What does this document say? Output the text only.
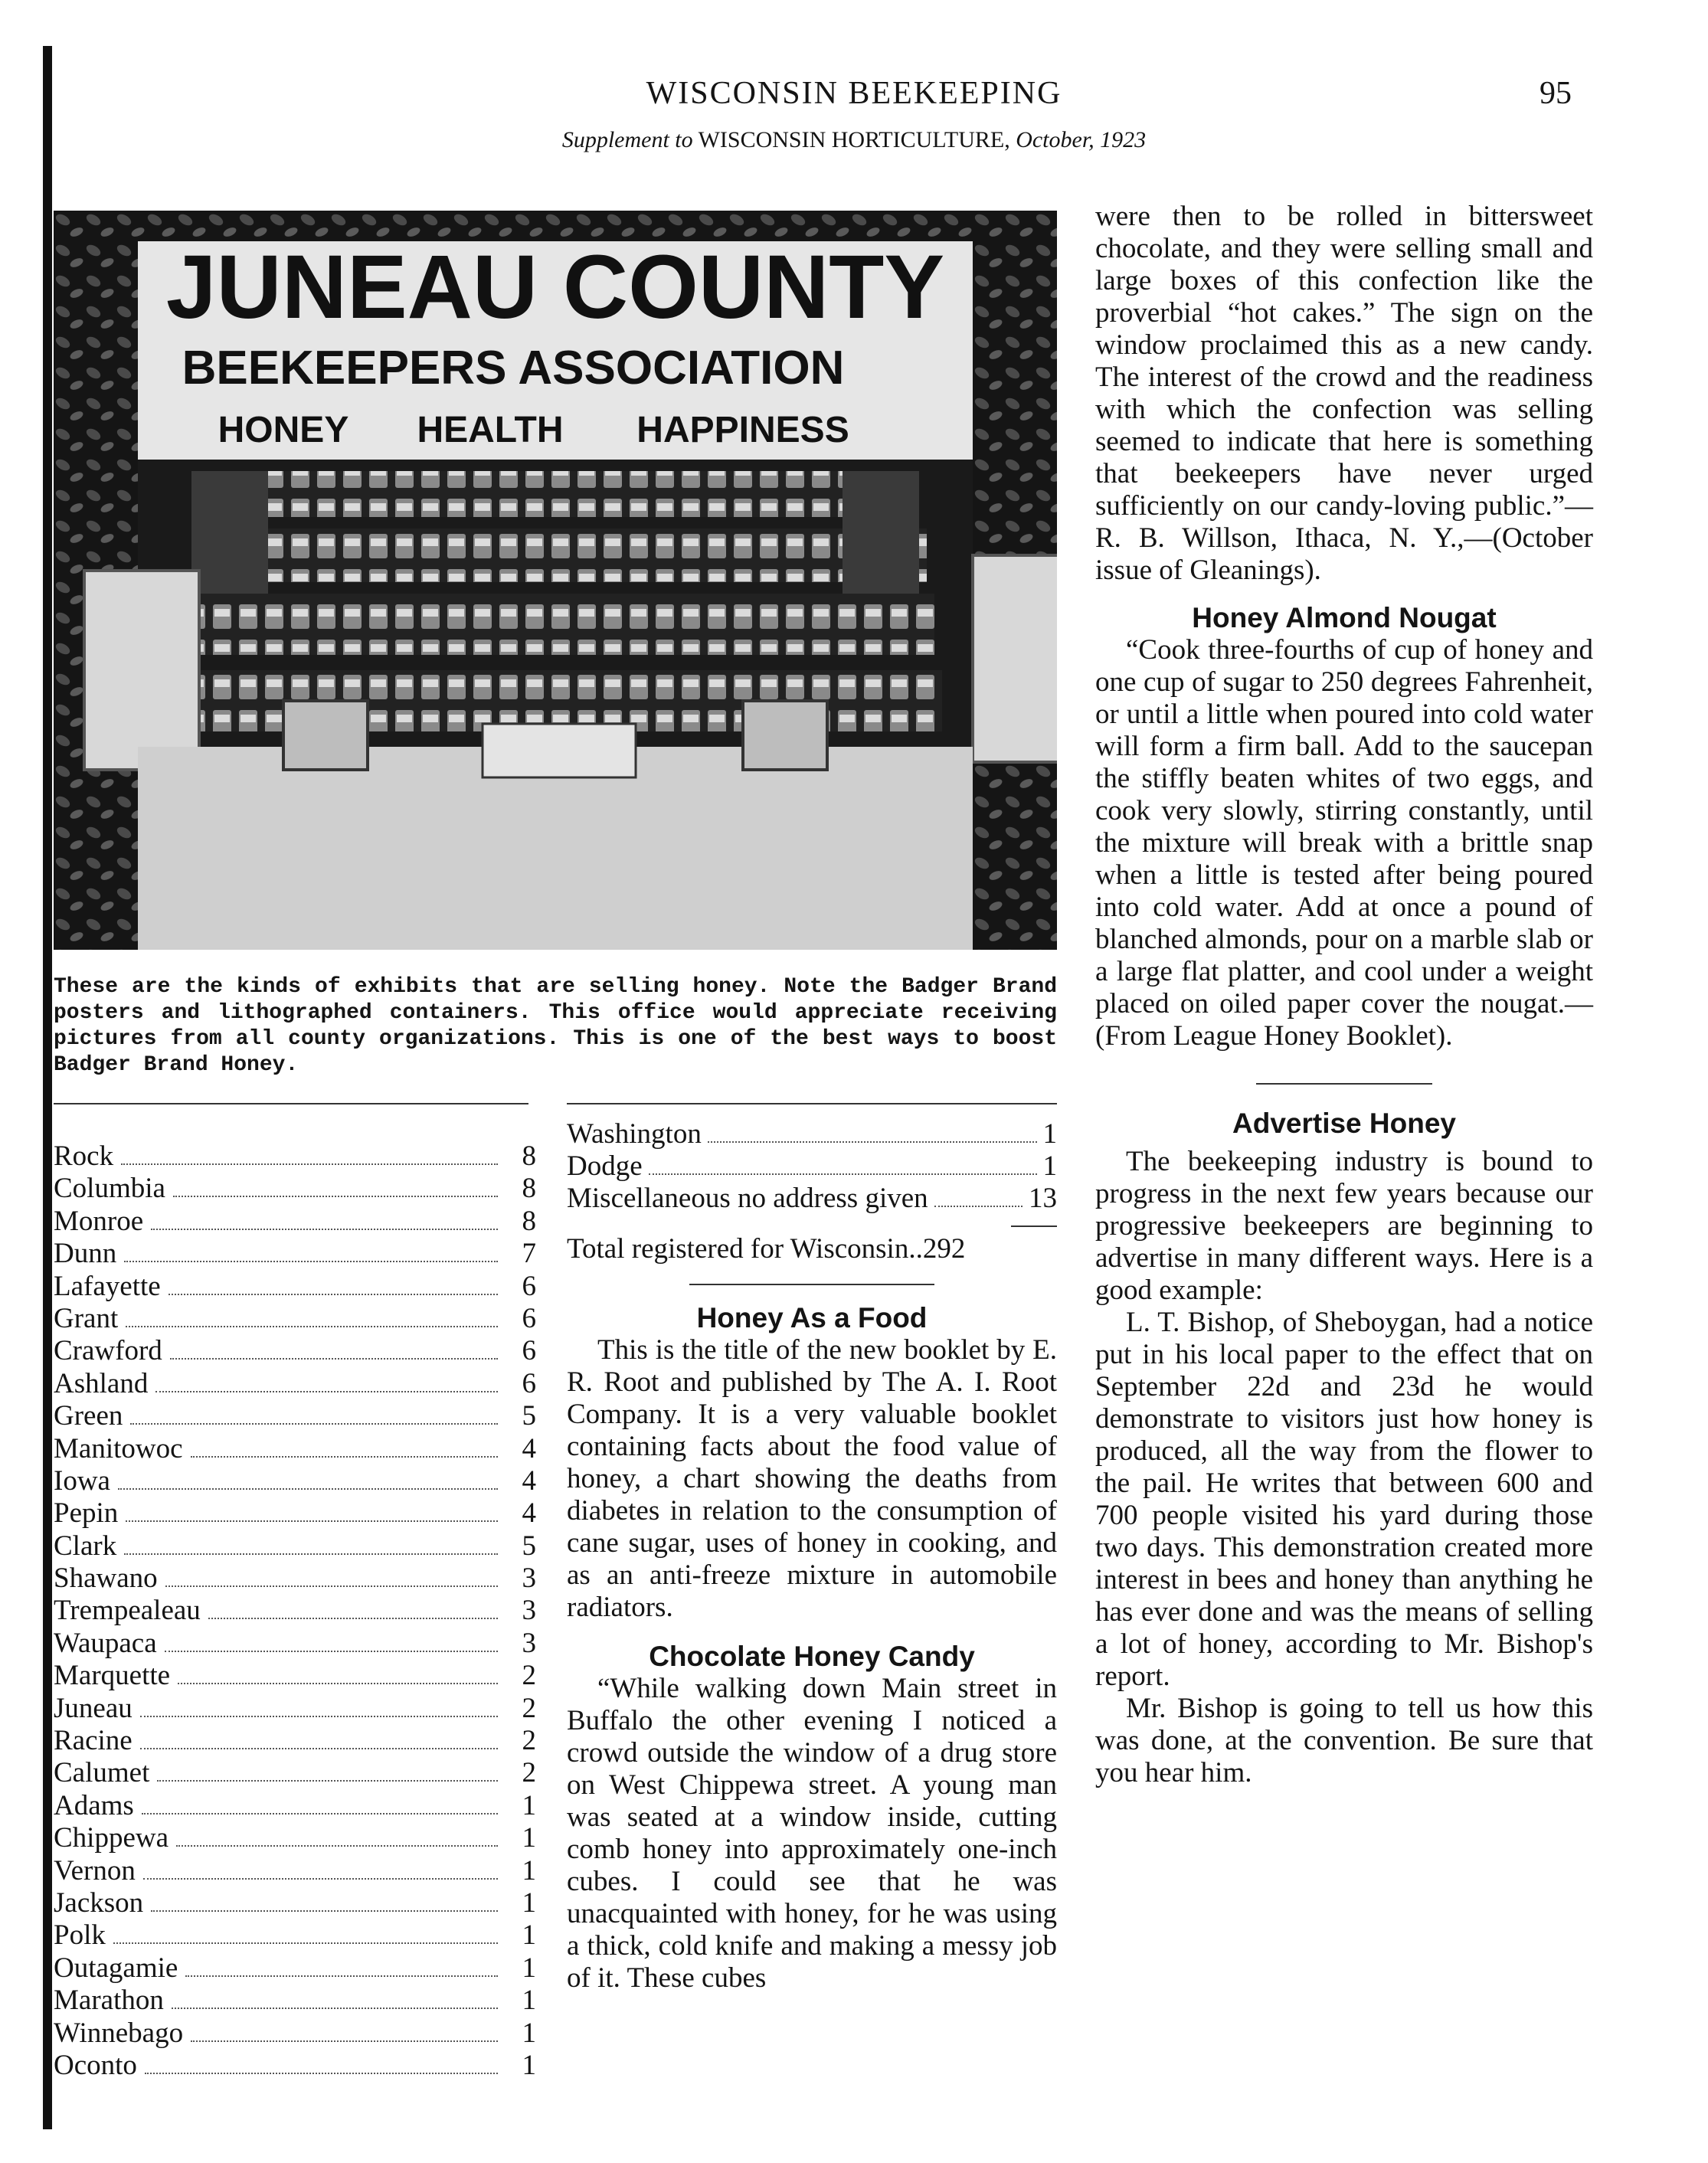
WISCONSIN BEEKEEPING	95
Supplement to WISCONSIN HORTICULTURE, October, 1923
JUNEAU COUNTY
BEEKEEPERS ASSOCIATION
HONEY HEALTH HAPPINESS
These are the kinds of exhibits that are selling honey. Note the Badger Brand posters and lithographed containers. This office would appreciate receiving pictures from all county organizations. This is one of the best ways to boost Badger Brand Honey.
Rock	8
Columbia	8
Monroe	8
Dunn	7
Lafayette	6
Grant	6
Crawford	6
Ashland	6
Green	5
Manitowoc	4
Iowa	4
Pepin	4
Clark	5
Shawano	3
Trempealeau	3
Waupaca	3
Marquette	2
Juneau	2
Racine	2
Calumet	2
Adams	1
Chippewa	1
Vernon	1
Jackson	1
Polk	1
Outagamie	1
Marathon	1
Winnebago	1
Oconto	1
Washington	1
Dodge	1
Miscellaneous no address given	13
Total registered for Wisconsin.. 292
Honey As a Food

This is the title of the new booklet by E. R. Root and published by The A. I. Root Company. It is a very valuable booklet containing facts about the food value of honey, a chart showing the deaths from diabetes in relation to the consumption of cane sugar, uses of honey in cooking, and as an anti-freeze mixture in automobile radiators.

Chocolate Honey Candy

“While walking down Main street in Buffalo the other evening I noticed a crowd outside the window of a drug store on West Chippewa street. A young man was seated at a window inside, cutting comb honey into approximately one-inch cubes. I could see that he was unacquainted with honey, for he was using a thick, cold knife and making a messy job of it. These cubes

were then to be rolled in bittersweet chocolate, and they were selling small and large boxes of this confection like the proverbial “hot cakes.” The sign on the window proclaimed this as a new candy. The interest of the crowd and the readiness with which the confection was selling seemed to indicate that here is something that beekeepers have never urged sufficiently on our candy-loving public.”—R. B. Willson, Ithaca, N. Y.,—(October issue of Gleanings).

Honey Almond Nougat

“Cook three-fourths of cup of honey and one cup of sugar to 250 degrees Fahrenheit, or until a little when poured into cold water will form a firm ball. Add to the saucepan the stiffly beaten whites of two eggs, and cook very slowly, stirring constantly, until the mixture will break with a brittle snap when a little is tested after being poured into cold water. Add at once a pound of blanched almonds, pour on a marble slab or a large flat platter, and cool under a weight placed on oiled paper cover the nougat.—(From League Honey Booklet).

Advertise Honey

The beekeeping industry is bound to progress in the next few years because our progressive beekeepers are beginning to advertise in many different ways. Here is a good example:

L. T. Bishop, of Sheboygan, had a notice put in his local paper to the effect that on September 22d and 23d he would demonstrate to visitors just how honey is produced, all the way from the flower to the pail. He writes that between 600 and 700 people visited his yard during those two days. This demonstration created more interest in bees and honey than anything he has ever done and was the means of selling a lot of honey, according to Mr. Bishop's report.

Mr. Bishop is going to tell us how this was done, at the convention. Be sure that you hear him.
